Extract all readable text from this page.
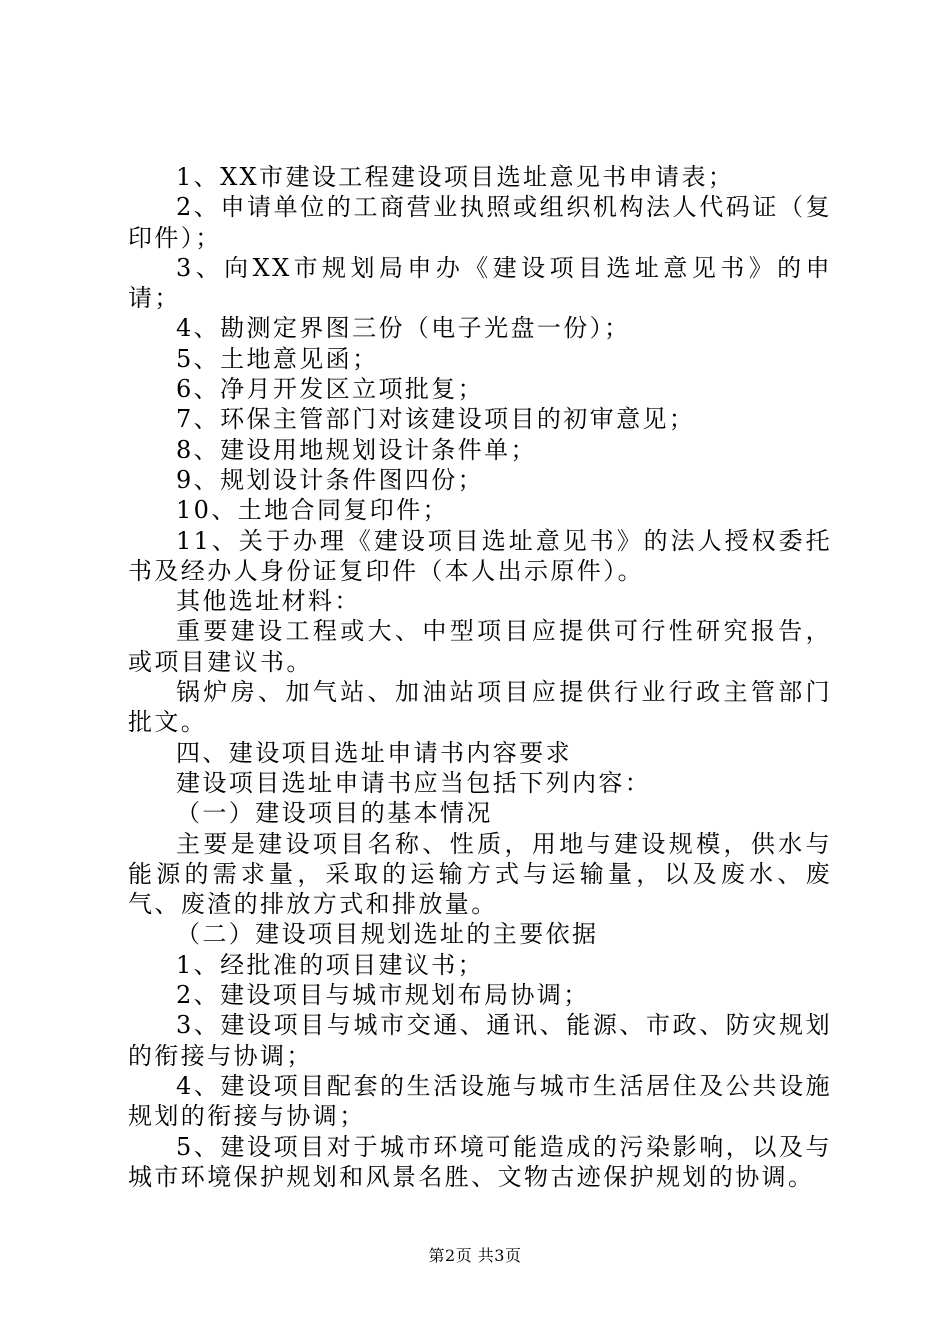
1、XX市建设工程建设项目选址意见书申请表；

2、申请单位的工商营业执照或组织机构法人代码证（复印件）；

3、向XX市规划局申办《建设项目选址意见书》的申请；

4、勘测定界图三份（电子光盘一份）；

5、土地意见函；

6、净月开发区立项批复；

7、环保主管部门对该建设项目的初审意见；

8、建设用地规划设计条件单；

9、规划设计条件图四份；

10、土地合同复印件；

11、关于办理《建设项目选址意见书》的法人授权委托书及经办人身份证复印件（本人出示原件）。

其他选址材料：

重要建设工程或大、中型项目应提供可行性研究报告，或项目建议书。

锅炉房、加气站、加油站项目应提供行业行政主管部门批文。

四、建设项目选址申请书内容要求

建设项目选址申请书应当包括下列内容：

（一）建设项目的基本情况

主要是建设项目名称、性质，用地与建设规模，供水与能源的需求量，采取的运输方式与运输量，以及废水、废气、废渣的排放方式和排放量。

（二）建设项目规划选址的主要依据

1、经批准的项目建议书；

2、建设项目与城市规划布局协调；

3、建设项目与城市交通、通讯、能源、市政、防灾规划的衔接与协调；

4、建设项目配套的生活设施与城市生活居住及公共设施规划的衔接与协调；

5、建设项目对于城市环境可能造成的污染影响，以及与城市环境保护规划和风景名胜、文物古迹保护规划的协调。

第2页 共3页
